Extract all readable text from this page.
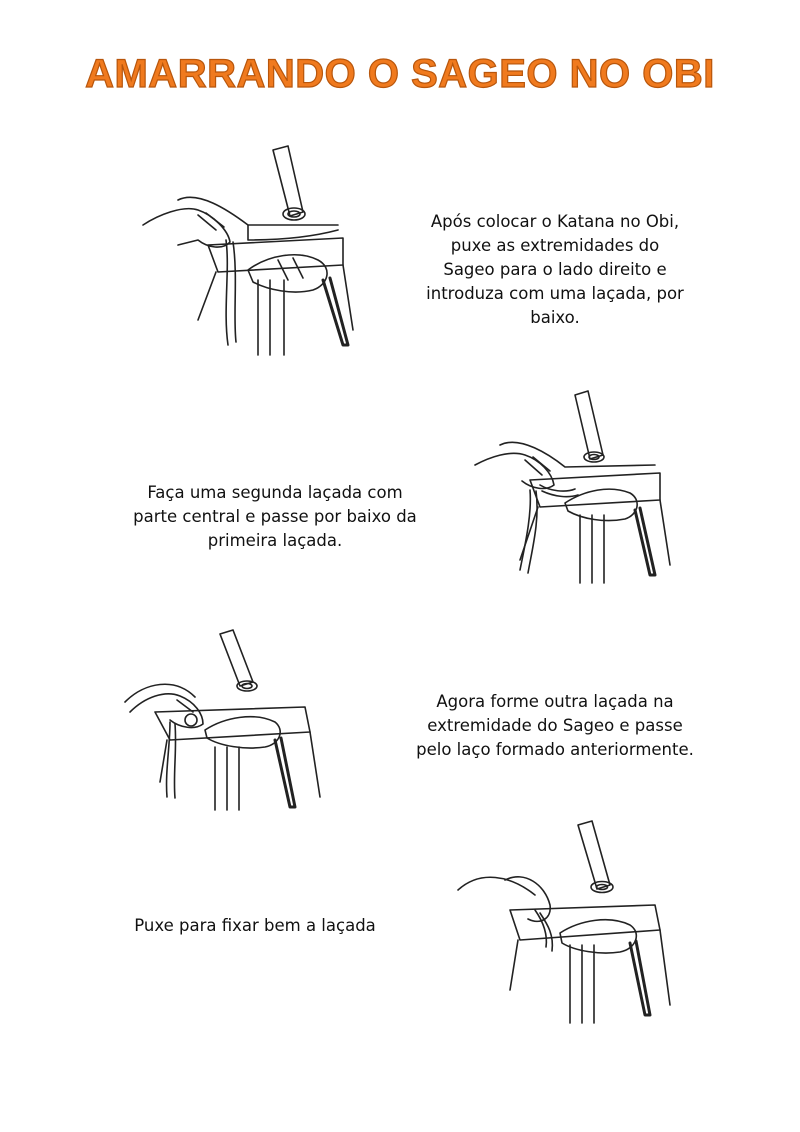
AMARRANDO O SAGEO NO OBI
Após colocar o Katana no Obi,
puxe as extremidades do
Sageo para o lado direito e
introduza com uma laçada, por
baixo.
Faça uma segunda laçada com
parte central e passe por baixo da
primeira laçada.
Agora forme outra laçada na
extremidade do Sageo e passe
pelo laço formado anteriormente.
Puxe para fixar bem a laçada
